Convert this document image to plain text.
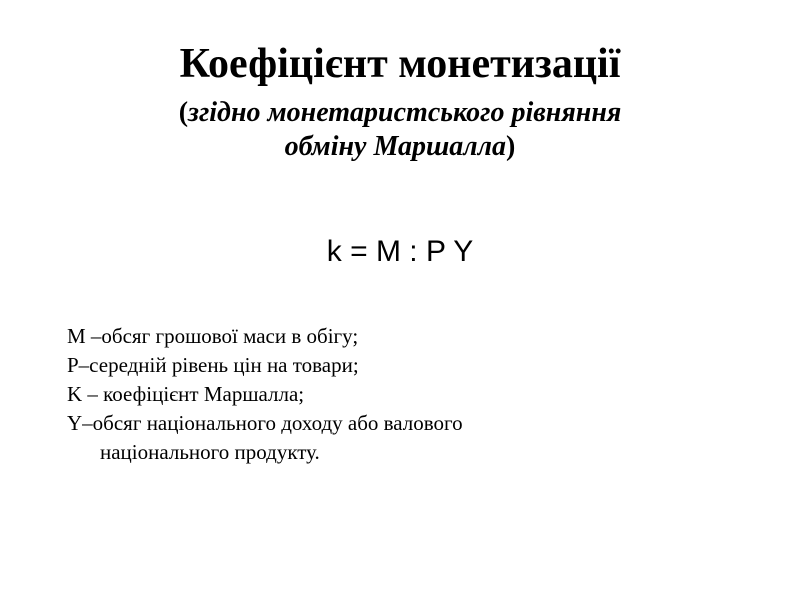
Коефіцієнт монетизації
(згідно монетаристського рівняння
обміну Маршалла)
k = M : P Y
M –обсяг грошової маси в обігу;
P–середній рівень цін на товари;
K – коефіцієнт Маршалла;
Y–обсяг національного доходу або валового
національного продукту.
